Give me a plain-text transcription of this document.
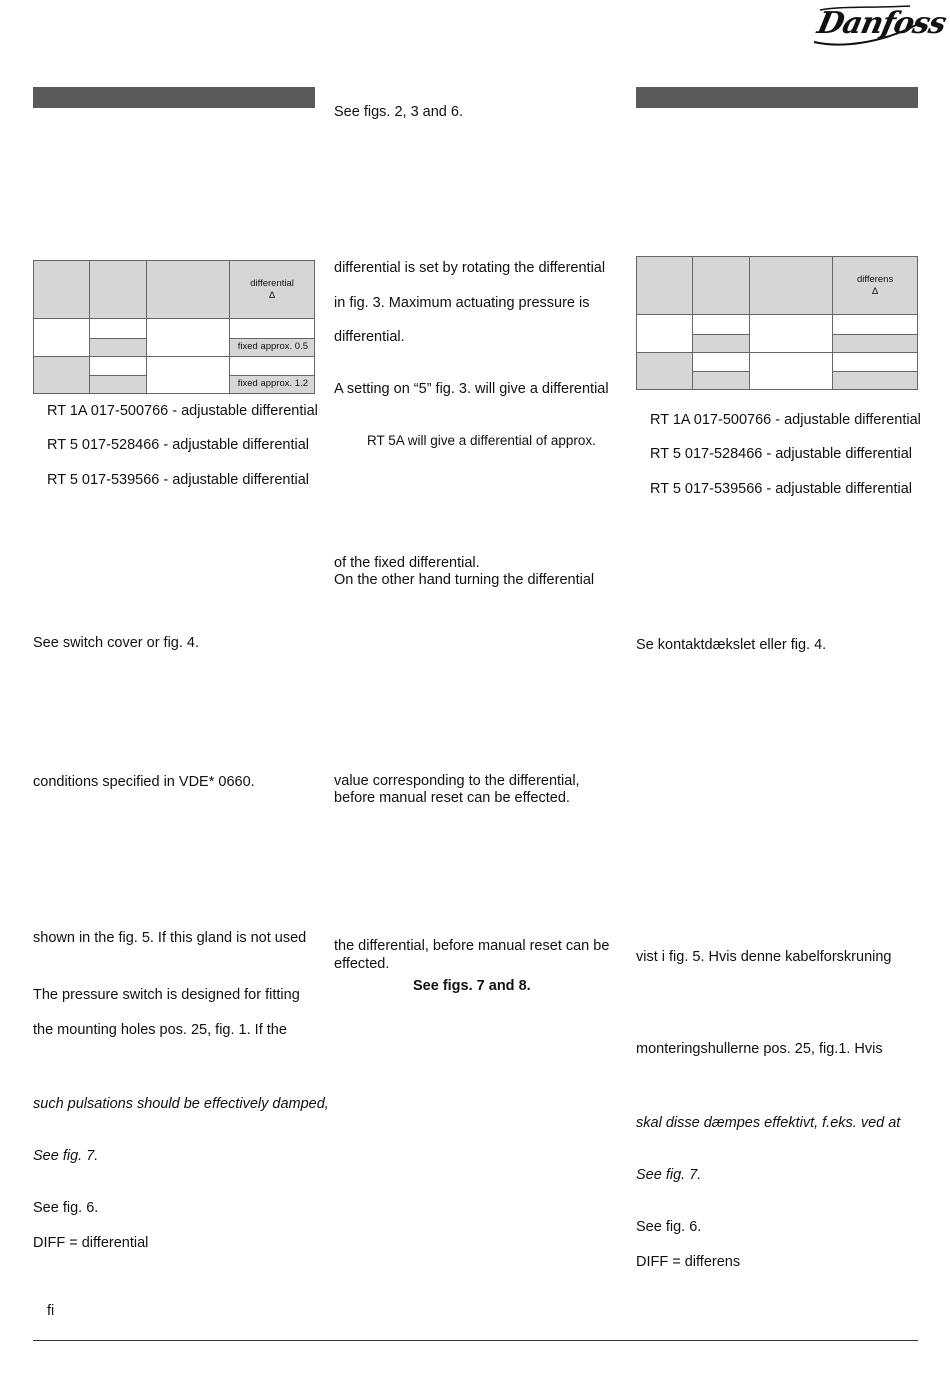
Danfoss

			differential
Δ

			fixed approx. 0.5

			fixed approx. 1.2

			differens
Δ

RT 1A 017-500766 - adjustable differential
RT 5 017-528466 - adjustable differential
RT 5 017-539566 - adjustable differential
See switch cover or fig. 4.
conditions specified in VDE* 0660.
shown in the fig. 5. If this gland is not used
The pressure switch is designed for fitting
the mounting holes pos. 25, fig. 1. If the
such pulsations should be effectively damped,
See fig. 7.
See fig. 6.
DIFF = differential
fi
See figs. 2, 3 and 6.
differential is set by rotating the differential
in fig. 3. Maximum actuating pressure is
differential.
A setting on “5” fig. 3. will give a differential
RT 5A will give a differential of approx.
of the fixed differential.
On the other hand turning the differential
value corresponding to the differential,
before manual reset can be effected.
the differential, before manual reset can be
effected.
See figs. 7 and 8.
RT 1A 017-500766 - adjustable differential
RT 5 017-528466 - adjustable differential
RT 5 017-539566 - adjustable differential
Se kontaktdækslet eller fig. 4.
vist i fig. 5. Hvis denne kabelforskruning
monteringshullerne pos. 25, fig.1. Hvis
skal disse dæmpes effektivt, f.eks. ved at
See fig. 7.
See fig. 6.
DIFF = differens
